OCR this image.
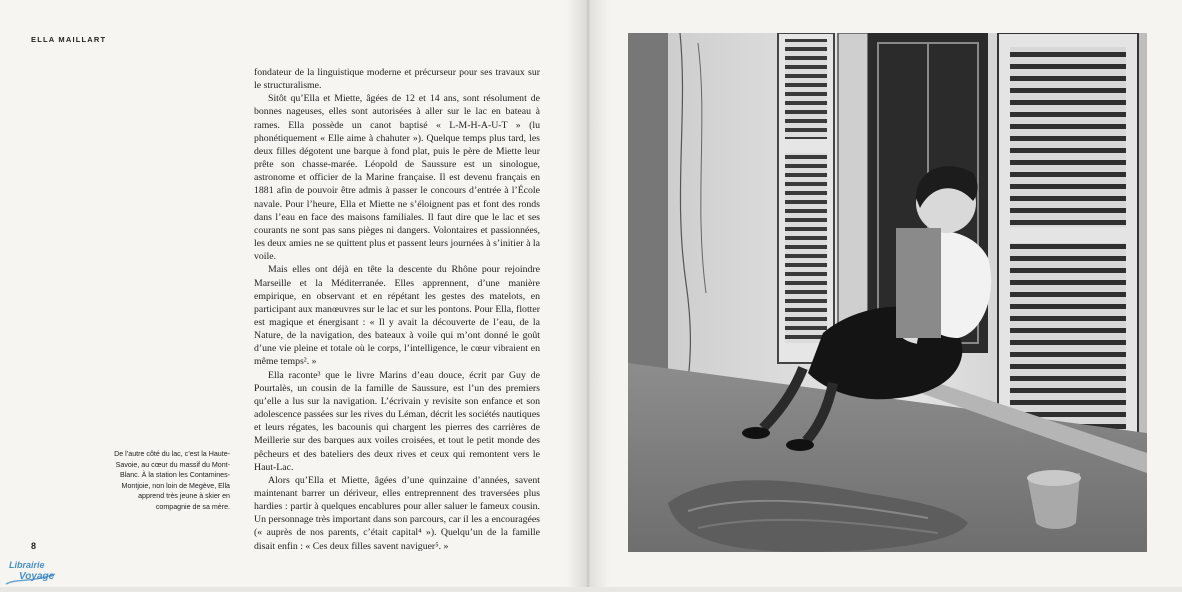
ELLA MAILLART

fondateur de la linguistique moderne et précurseur pour ses travaux sur le structuralisme.

Sitôt qu’Ella et Miette, âgées de 12 et 14 ans, sont résolument de bonnes nageuses, elles sont autorisées à aller sur le lac en bateau à rames. Ella possède un canot baptisé « L-M-H-A-U-T » (lu phonétiquement « Elle aime à chahuter »). Quelque temps plus tard, les deux filles dégotent une barque à fond plat, puis le père de Miette leur prête son chasse-marée. Léopold de Saussure est un sinologue, astronome et officier de la Marine française. Il est devenu français en 1881 afin de pouvoir être admis à passer le concours d’entrée à l’École navale. Pour l’heure, Ella et Miette ne s’éloignent pas et font des ronds dans l’eau en face des maisons familiales. Il faut dire que le lac et ses courants ne sont pas sans pièges ni dangers. Volontaires et passionnées, les deux amies ne se quittent plus et passent leurs journées à s’initier à la voile.

Mais elles ont déjà en tête la descente du Rhône pour rejoindre Marseille et la Méditerranée. Elles apprennent, d’une manière empirique, en observant et en répétant les gestes des matelots, en participant aux manœuvres sur le lac et sur les pontons. Pour Ella, flotter est magique et énergisant : « Il y avait la découverte de l’eau, de la Nature, de la navigation, des bateaux à voile qui m’ont donné le goût d’une vie pleine et totale où le corps, l’intelligence, le cœur vibraient en même temps². »

Ella raconte³ que le livre Marins d’eau douce, écrit par Guy de Pourtalès, un cousin de la famille de Saussure, est l’un des premiers qu’elle a lus sur la navigation. L’écrivain y revisite son enfance et son adolescence passées sur les rives du Léman, décrit les sociétés nautiques et leurs régates, les bacounis qui chargent les pierres des carrières de Meillerie sur des barques aux voiles croisées, et tout le petit monde des pêcheurs et des bateliers des deux rives et ceux qui remontent vers le Haut-Lac.

Alors qu’Ella et Miette, âgées d’une quinzaine d’années, savent maintenant barrer un dériveur, elles entreprennent des traversées plus hardies : partir à quelques encablures pour aller saluer le fameux cousin. Un personnage très important dans son parcours, car il les a encouragées (« auprès de nos parents, c’était capital⁴ »). Quelqu’un de la famille disait enfin : « Ces deux filles savent naviguer⁵. »

De l’autre côté du lac, c’est la Haute-Savoie, au cœur du massif du Mont-Blanc. À la station les Contamines-Montjoie, non loin de Megève, Ella apprend très jeune à skier en compagnie de sa mère.
8
Librairie
Voyage
